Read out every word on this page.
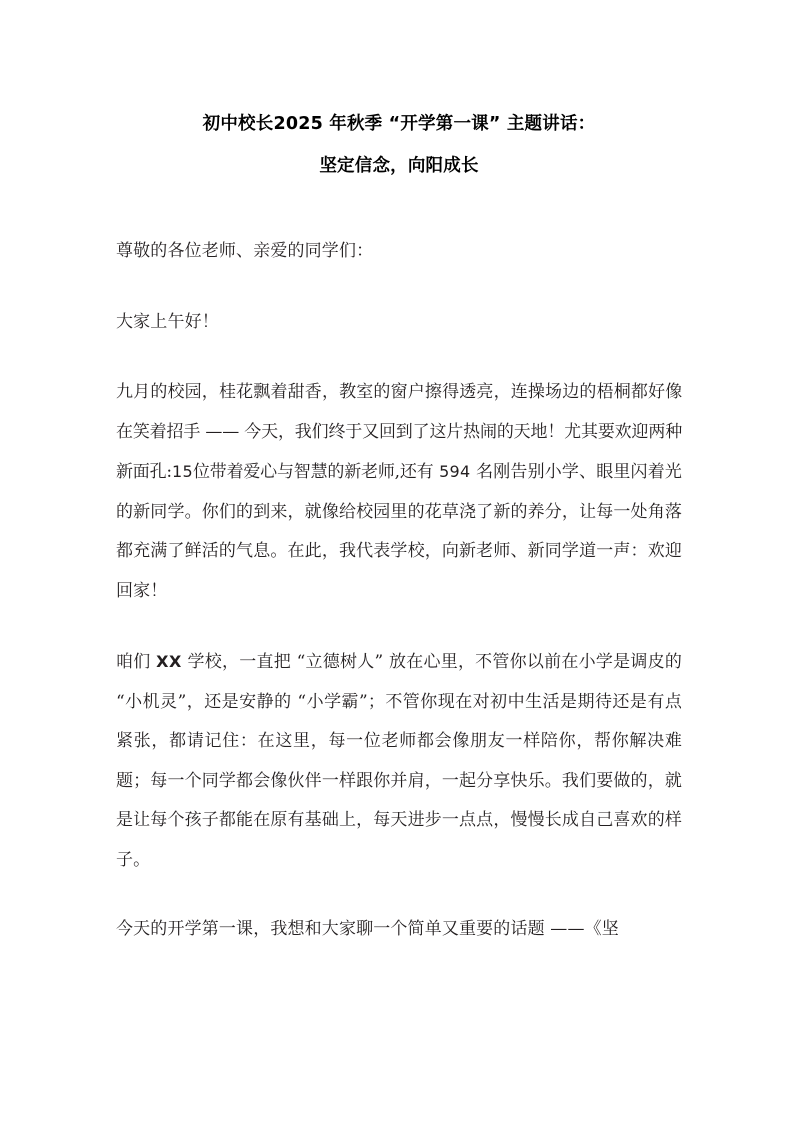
初中校长2025 年秋季 “开学第一课” 主题讲话：
坚定信念，向阳成长

尊敬的各位老师、亲爱的同学们：

大家上午好！

九月的校园，桂花飘着甜香，教室的窗户擦得透亮，连操场边的梧桐都好像在笑着招手 —— 今天，我们终于又回到了这片热闹的天地！尤其要欢迎两种新面孔:15位带着爱心与智慧的新老师,还有 594 名刚告别小学、眼里闪着光的新同学。你们的到来，就像给校园里的花草浇了新的养分，让每一处角落都充满了鲜活的气息。在此，我代表学校，向新老师、新同学道一声：欢迎回家！

咱们 XX 学校，一直把 “立德树人” 放在心里，不管你以前在小学是调皮的 “小机灵”，还是安静的 “小学霸”；不管你现在对初中生活是期待还是有点紧张，都请记住：在这里，每一位老师都会像朋友一样陪你，帮你解决难题；每一个同学都会像伙伴一样跟你并肩，一起分享快乐。我们要做的，就是让每个孩子都能在原有基础上，每天进步一点点，慢慢长成自己喜欢的样子。

今天的开学第一课，我想和大家聊一个简单又重要的话题 ——《坚
